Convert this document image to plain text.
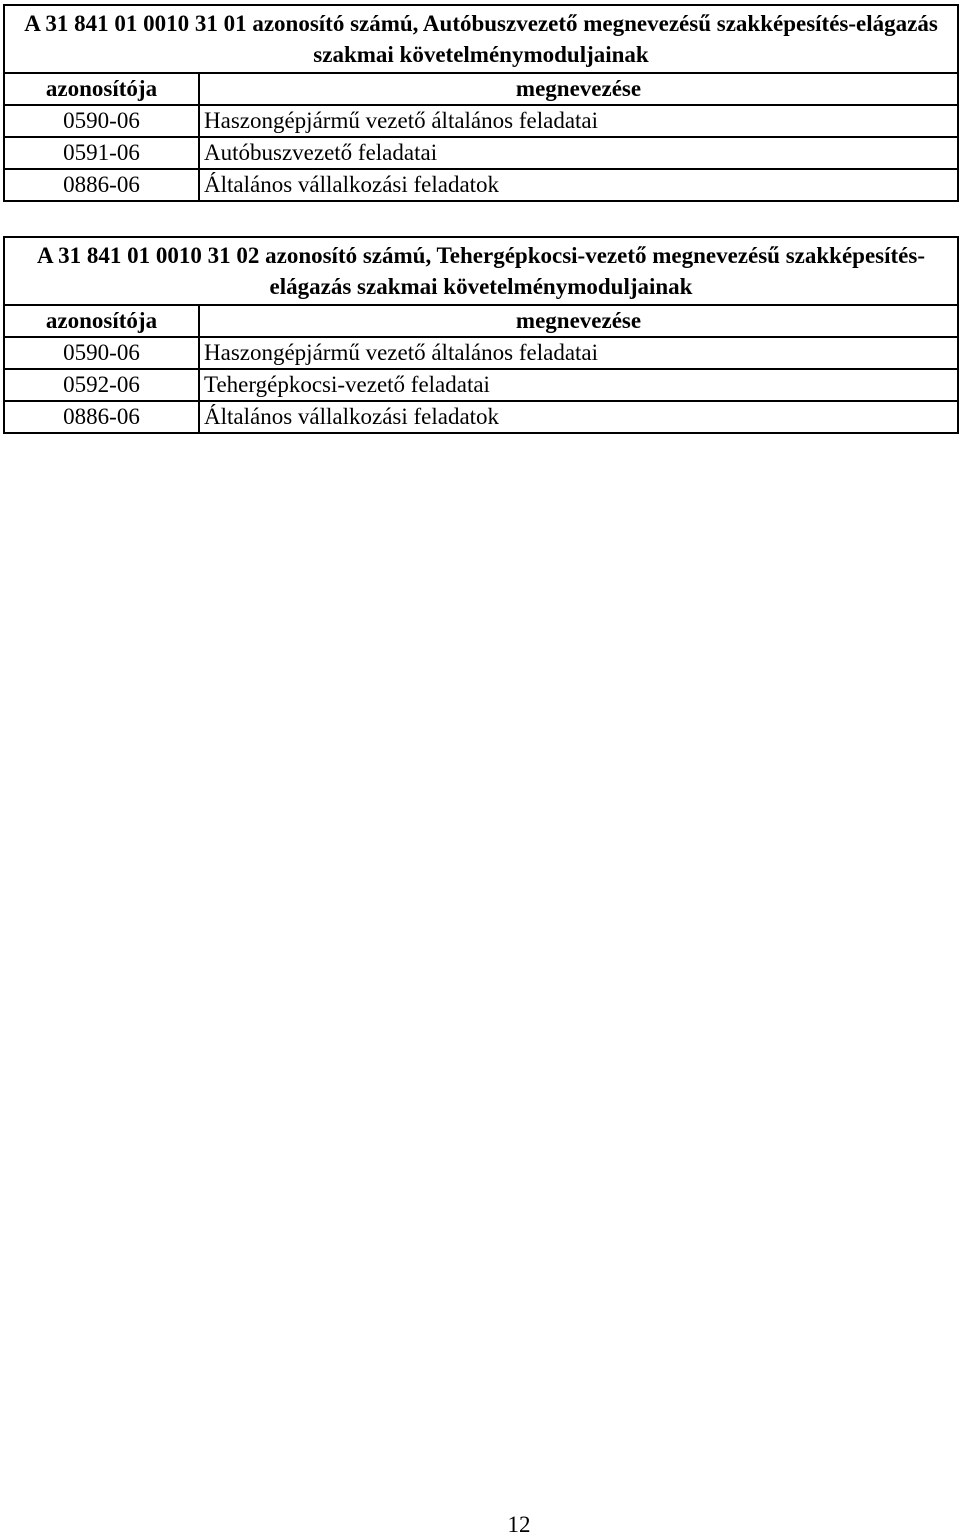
A 31 841 01 0010 31 01 azonosító számú, Autóbuszvezető megnevezésű szakképesítés-elágazás szakmai követelménymoduljainak	
azonosítója	megnevezése
0590-06	Haszongépjármű vezető általános feladatai
0591-06	Autóbuszvezető feladatai
0886-06	Általános vállalkozási feladatok
A 31 841 01 0010 31 02 azonosító számú, Tehergépkocsi-vezető megnevezésű szakképesítés-elágazás szakmai követelménymoduljainak	
azonosítója	megnevezése
0590-06	Haszongépjármű vezető általános feladatai
0592-06	Tehergépkocsi-vezető feladatai
0886-06	Általános vállalkozási feladatok
12
